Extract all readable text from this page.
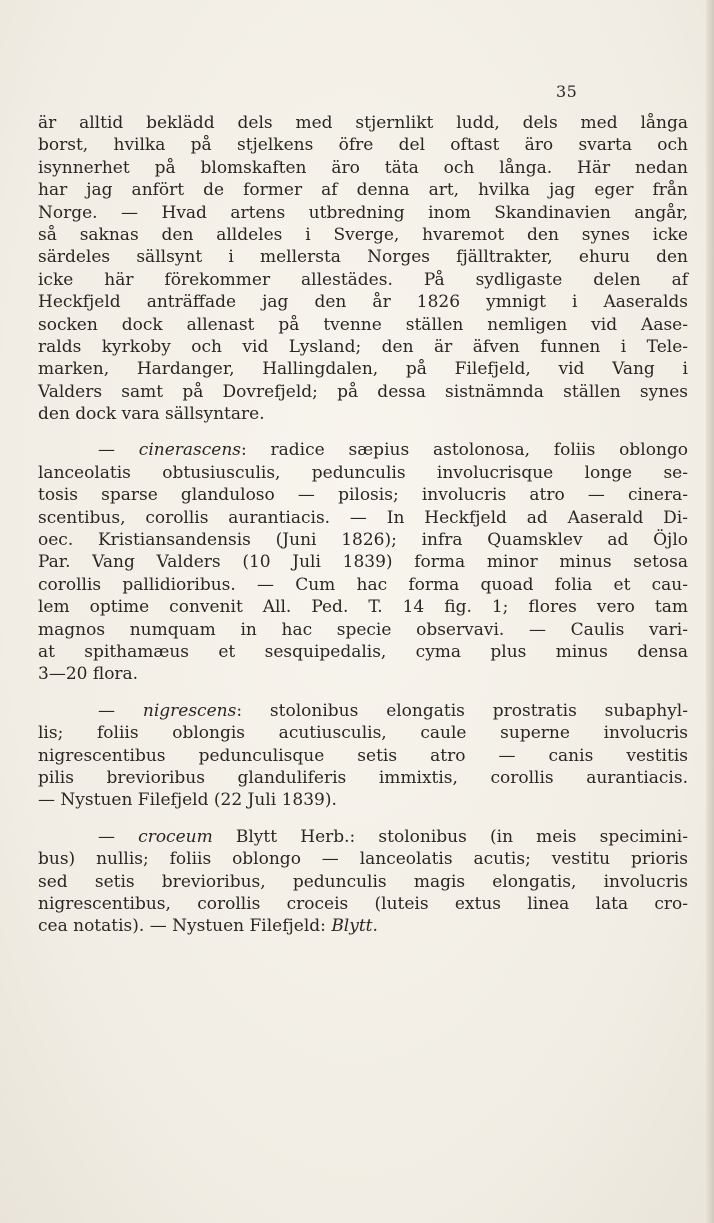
35
är alltid beklädd dels med stjernlikt ludd, dels med långa
borst, hvilka på stjelkens öfre del oftast äro svarta och
isynnerhet på blomskaften äro täta och långa. Här nedan
har jag anfört de former af denna art, hvilka jag eger från
Norge. — Hvad artens utbredning inom Skandinavien angår,
så saknas den alldeles i Sverge, hvaremot den synes icke
särdeles sällsynt i mellersta Norges fjälltrakter, ehuru den
icke här förekommer allestädes. På sydligaste delen af
Heckfjeld anträffade jag den år 1826 ymnigt i Aaseralds
socken dock allenast på tvenne ställen nemligen vid Aase-
ralds kyrkoby och vid Lysland; den är äfven funnen i Tele-
marken, Hardanger, Hallingdalen, på Filefjeld, vid Vang i
Valders samt på Dovrefjeld; på dessa sistnämnda ställen synes
den dock vara sällsyntare.
— cinerascens: radice sæpius astolonosa, foliis oblongo
lanceolatis obtusiusculis, pedunculis involucrisque longe se-
tosis sparse glanduloso — pilosis; involucris atro — cinera-
scentibus, corollis aurantiacis. — In Heckfjeld ad Aaserald Di-
oec. Kristiansandensis (Juni 1826); infra Quamsklev ad Öjlo
Par. Vang Valders (10 Juli 1839) forma minor minus setosa
corollis pallidioribus. — Cum hac forma quoad folia et cau-
lem optime convenit All. Ped. T. 14 fig. 1; flores vero tam
magnos numquam in hac specie observavi. — Caulis vari-
at spithamæus et sesquipedalis, cyma plus minus densa
3—20 flora.
— nigrescens: stolonibus elongatis prostratis subaphyl-
lis; foliis oblongis acutiusculis, caule superne involucris
nigrescentibus pedunculisque setis atro — canis vestitis
pilis brevioribus glanduliferis immixtis, corollis aurantiacis.
— Nystuen Filefjeld (22 Juli 1839).
— croceum Blytt Herb.: stolonibus (in meis specimini-
bus) nullis; foliis oblongo — lanceolatis acutis; vestitu prioris
sed setis brevioribus, pedunculis magis elongatis, involucris
nigrescentibus, corollis croceis (luteis extus linea lata cro-
cea notatis). — Nystuen Filefjeld: Blytt.
